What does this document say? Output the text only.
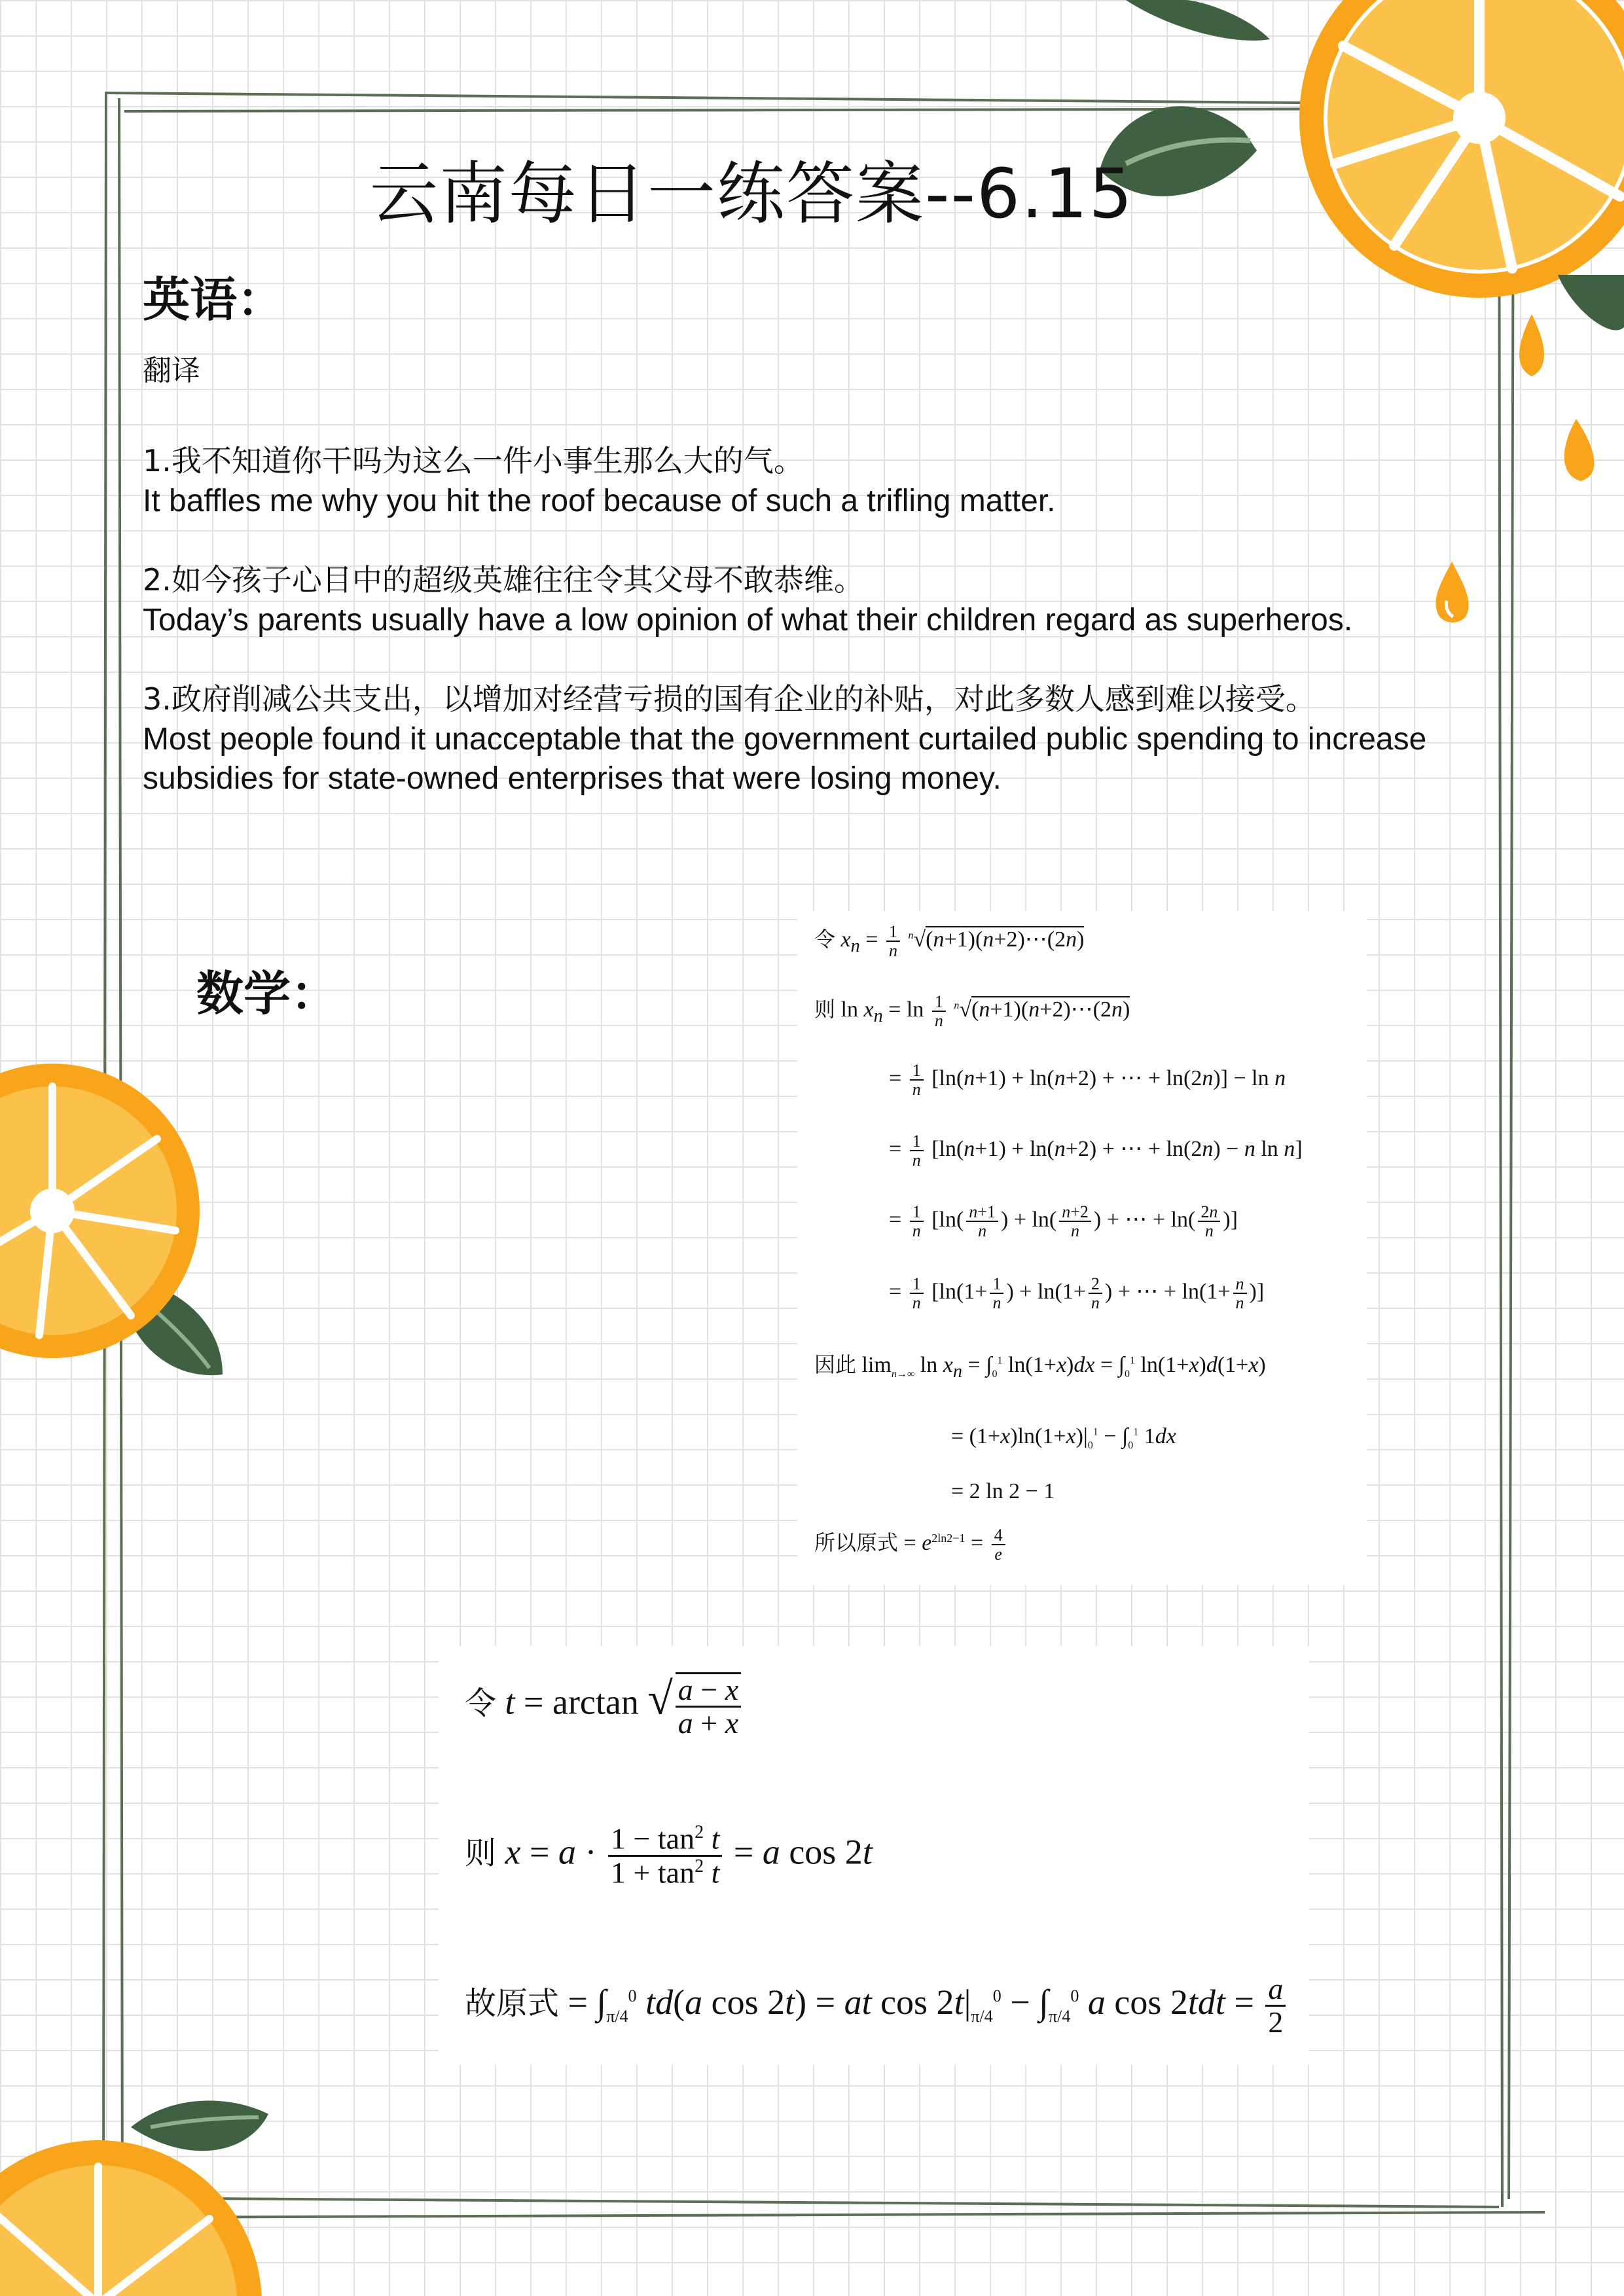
云南每日一练答案--6.15
英语：
翻译
1.我不知道你干吗为这么一件小事生那么大的气。
It baffles me why you hit the roof because of such a trifling matter.
2.如今孩子心目中的超级英雄往往令其父母不敢恭维。
Today’s parents usually have a low opinion of what their children regard as superheros.
3.政府削减公共支出，以增加对经营亏损的国有企业的补贴，对此多数人感到难以接受。
Most people found it unacceptable that the government curtailed public spending to increase subsidies for state-owned enterprises that were losing money.
数学：
令 $x_n = \frac{1}{n}$ $^n$√(n+1)(n+2)⋯(2n)
则 $\ln x_n = \ln \frac{1}{n}$ $^n$√(n+1)(n+2)⋯(2n)
= $\frac{1}{n} [\ln(n+1) + \ln(n+2)$ + ⋯ + ln(2n)] − ln n
= $\frac{1}{n} [\ln(n+1) + \ln(n+2)$ + ⋯ + ln(2n) − n ln n]
= $\frac{1}{n} [\ln( \frac{n+1}{n}$ ) + $\ln( \frac{n+2}{n}$ ) + ⋯ + $\ln( \frac{2n}{n}$ )]
= $\frac{1}{n} [\ln(1+ \frac{1}{n}$ ) + $\ln(1+ \frac{2}{n}$ ) + ⋯ + $\ln(1+ \frac{n}{n}$ )]
因此 $\lim_{n\to\infty} \ln x_n = \int_0^1$ $\ln(1+x)dx = \int_0^1$ ln(1+x)d(1+x)
= $(1+x)\ln(1+x)|_0^1 - \int_0^1$ 1dx
= 2 ln 2 − 1
所以原式 = $e^{2ln2-1} = \frac{4}{e}$
令 t = arctan √ $\frac{a - x}{a + x}$
则 $x = a \cdot \frac{1 - \tan^2 t}{1 + \tan^2 t} = a$ cos 2t
故原式 = $\int_{\pi/4}^0$ td(a cos 2t) = at $\cos 2t|_{\pi/4}^0 - \int_{\pi/4}^0$ a $\cos 2tdt = \frac{a}{2}$
